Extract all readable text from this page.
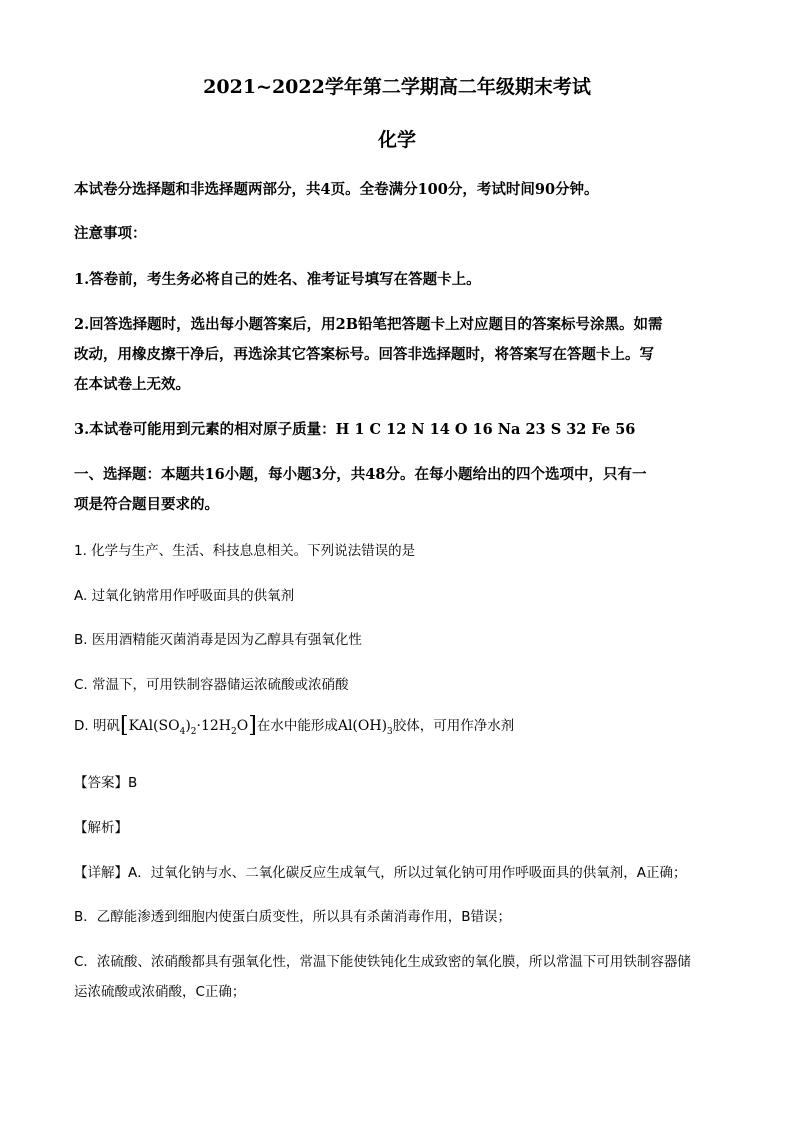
2021~2022学年第二学期高二年级期末考试
化学
本试卷分选择题和非选择题两部分，共4页。全卷满分100分，考试时间90分钟。
注意事项：
1.答卷前，考生务必将自己的姓名、准考证号填写在答题卡上。
2.回答选择题时，选出每小题答案后，用2B铅笔把答题卡上对应题目的答案标号涂黑。如需
改动，用橡皮擦干净后，再选涂其它答案标号。回答非选择题时，将答案写在答题卡上。写
在本试卷上无效。
3.本试卷可能用到元素的相对原子质量：H 1 C 12 N 14 O 16 Na 23 S 32 Fe 56
一、选择题：本题共16小题，每小题3分，共48分。在每小题给出的四个选项中，只有一
项是符合题目要求的。
1. 化学与生产、生活、科技息息相关。下列说法错误的是
A. 过氧化钠常用作呼吸面具的供氧剂
B. 医用酒精能灭菌消毒是因为乙醇具有强氧化性
C. 常温下，可用铁制容器储运浓硫酸或浓硝酸
D. 明矾$[KAl(SO_4)_2\cdot 12H_2O]$在水中能形成$Al(OH)_3$胶体，可用作净水剂
【答案】B
【解析】
【详解】A．过氧化钠与水、二氧化碳反应生成氧气，所以过氧化钠可用作呼吸面具的供氧剂，A正确；
B．乙醇能渗透到细胞内使蛋白质变性，所以具有杀菌消毒作用，B错误；
C．浓硫酸、浓硝酸都具有强氧化性，常温下能使铁钝化生成致密的氧化膜，所以常温下可用铁制容器储
运浓硫酸或浓硝酸，C正确；
